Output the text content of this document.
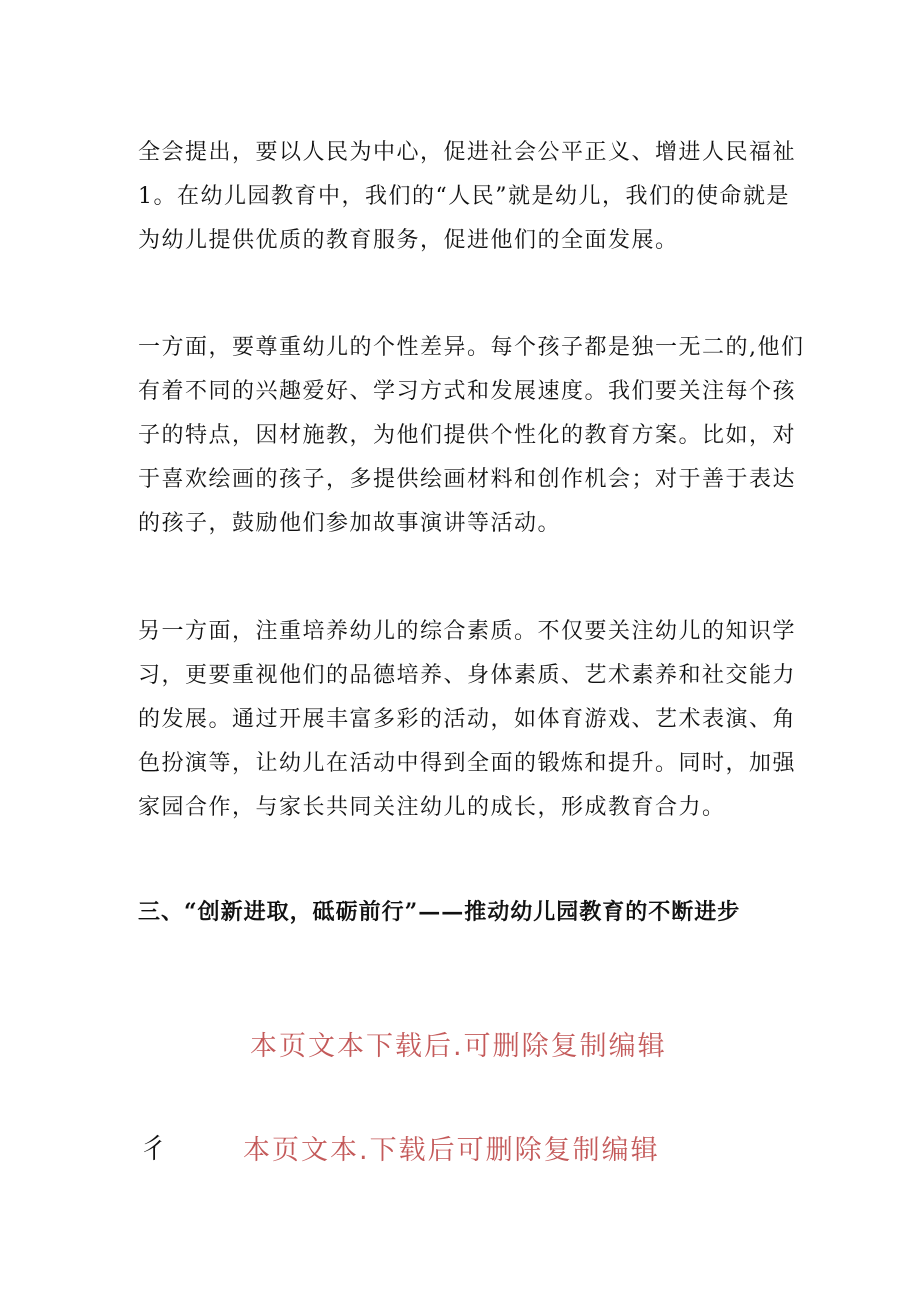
全会提出，要以人民为中心，促进社会公平正义、增进人民福祉
1。在幼儿园教育中，我们的“人民”就是幼儿，我们的使命就是
为幼儿提供优质的教育服务，促进他们的全面发展。
一方面，要尊重幼儿的个性差异。每个孩子都是独一无二的,他们
有着不同的兴趣爱好、学习方式和发展速度。我们要关注每个孩
子的特点，因材施教，为他们提供个性化的教育方案。比如，对
于喜欢绘画的孩子，多提供绘画材料和创作机会；对于善于表达
的孩子，鼓励他们参加故事演讲等活动。
另一方面，注重培养幼儿的综合素质。不仅要关注幼儿的知识学
习，更要重视他们的品德培养、身体素质、艺术素养和社交能力
的发展。通过开展丰富多彩的活动，如体育游戏、艺术表演、角
色扮演等，让幼儿在活动中得到全面的锻炼和提升。同时，加强
家园合作，与家长共同关注幼儿的成长，形成教育合力。
三、“创新进取，砥砺前行”——推动幼儿园教育的不断进步
本页文本下载后.可删除复制编辑
彳	本页文本.下载后可删除复制编辑
